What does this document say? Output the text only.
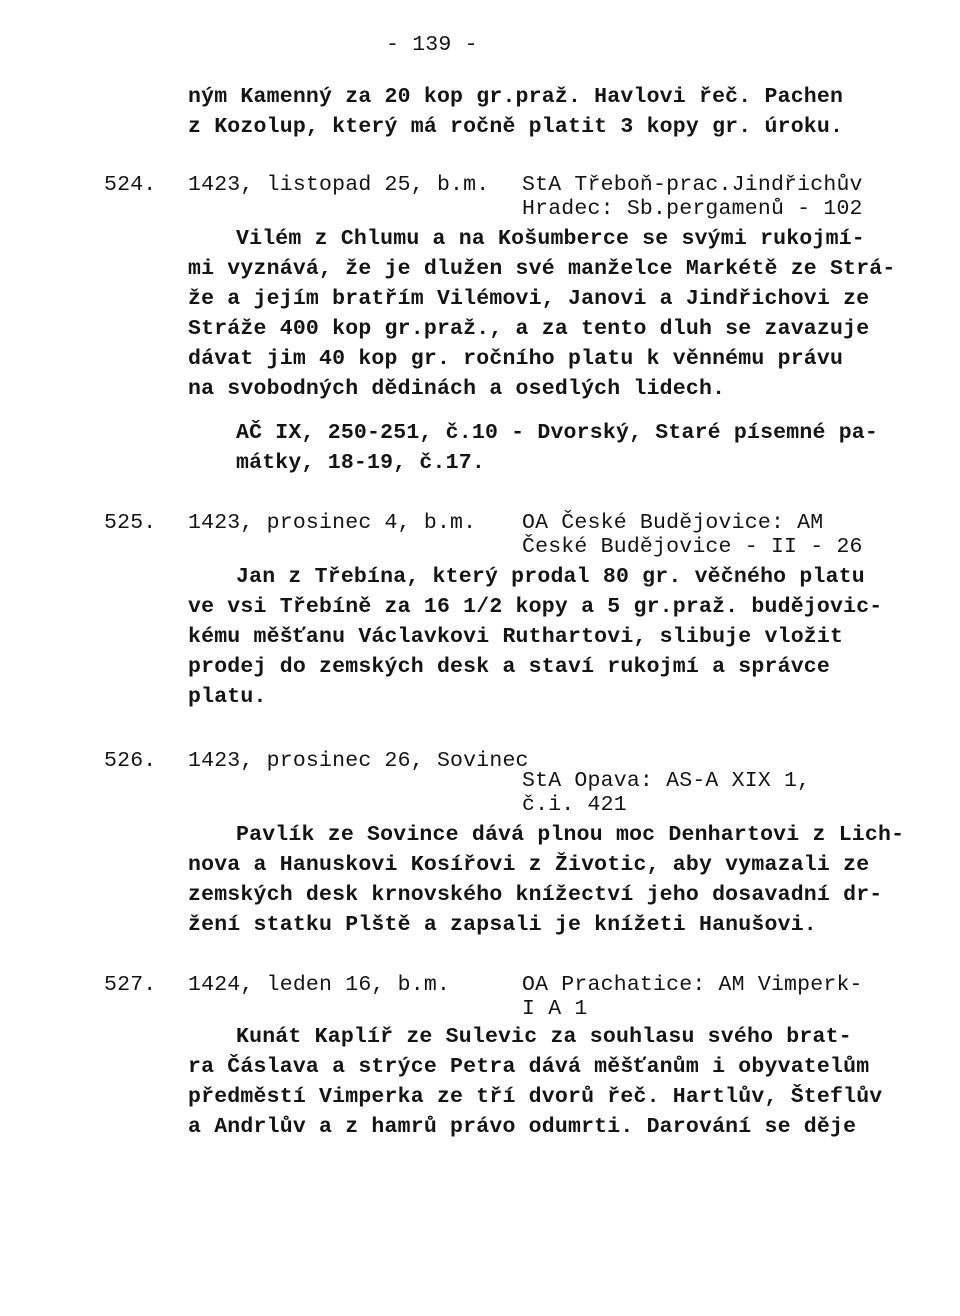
- 139 -
ným Kamenný za 20 kop gr.praž. Havlovi řeč. Pachen
z Kozolup, který má ročně platit 3 kopy gr. úroku.
524. 1423, listopad 25, b.m. StA Třeboň-prac.Jindřichův
Hradec: Sb.pergamenů - 102
Vilém z Chlumu a na Košumberce se svými rukojmí-
mi vyznává, že je dlužen své manželce Markétě ze Strá-
že a jejím bratřím Vilémovi, Janovi a Jindřichovi ze
Stráže 400 kop gr.praž., a za tento dluh se zavazuje
dávat jim 40 kop gr. ročního platu k věnnému právu
na svobodných dědinách a osedlých lidech.
AČ IX, 250-251, č.10 - Dvorský, Staré písemné pa-
mátky, 18-19, č.17.
525. 1423, prosinec 4, b.m. OA České Budějovice: AM
České Budějovice - II - 26
Jan z Třebína, který prodal 80 gr. věčného platu
ve vsi Třebíně za 16 1/2 kopy a 5 gr.praž. budějovic-
kému měšťanu Václavkovi Ruthartovi, slibuje vložit
prodej do zemských desk a staví rukojmí a správce
platu.
526. 1423, prosinec 26, Sovinec
StA Opava: AS-A XIX 1,
č.i. 421
Pavlík ze Sovince dává plnou moc Denhartovi z Lich-
nova a Hanuskovi Kosířovi z Životic, aby vymazali ze
zemských desk krnovského knížectví jeho dosavadní dr-
žení statku Plště a zapsali je knížeti Hanušovi.
527. 1424, leden 16, b.m.	OA Prachatice: AM Vimperk-
I A 1
Kunát Kaplíř ze Sulevic za souhlasu svého brat-
ra Čáslava a strýce Petra dává měšťanům i obyvatelům
předměstí Vimperka ze tří dvorů řeč. Hartlův, Šteflův
a Andrlův a z hamrů právo odumrti. Darování se děje
